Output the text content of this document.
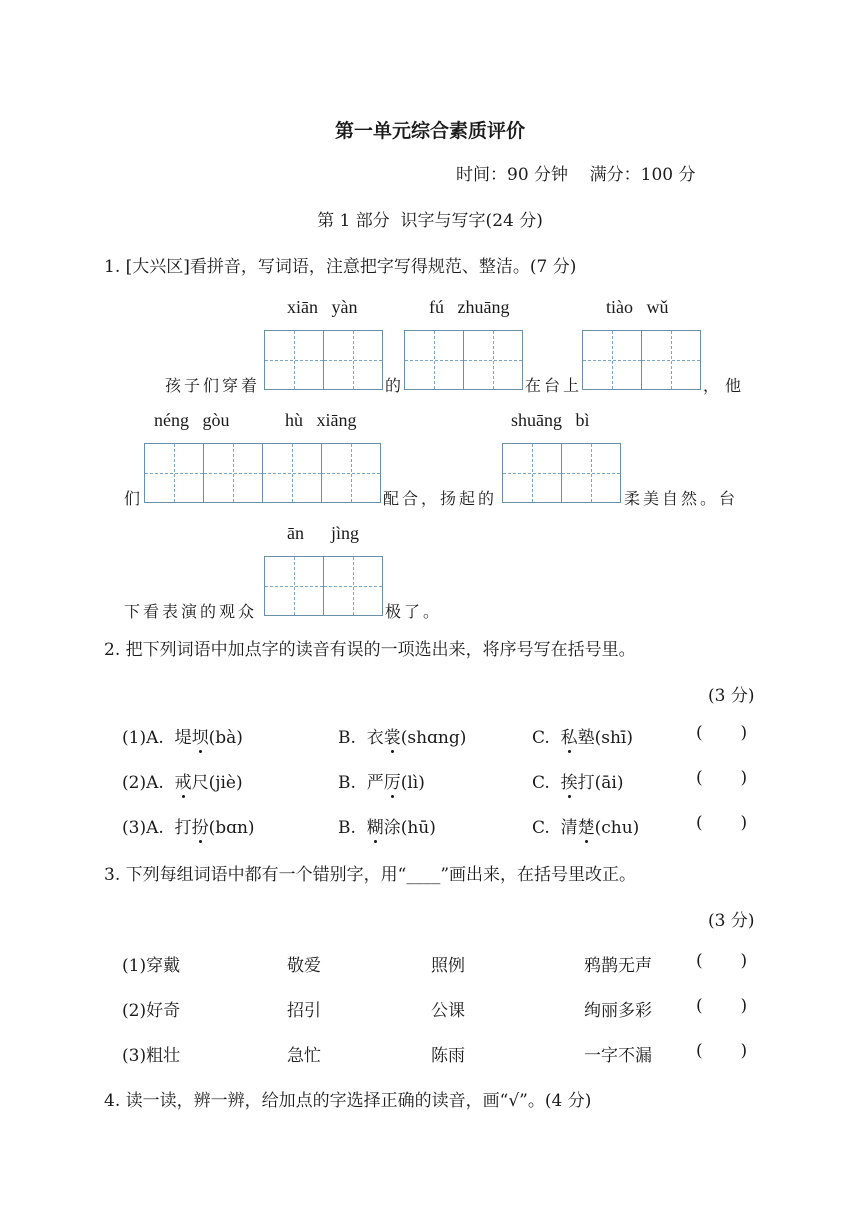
第一单元综合素质评价
时间：90 分钟    满分：100 分
第 1 部分  识字与写字(24 分)
1. [大兴区]看拼音，写词语，注意把字写得规范、整洁。(7 分)
xiān   yàn	fú   zhuāng	tiào   wǔ
孩子们穿着	的	在台上	，他
néng   gòu	hù   xiāng	shuāng   bì
们	配合，扬起的	柔美自然。台
ān      jìng
下看表演的观众	极了。
2. 把下列词语中加点字的读音有误的一项选出来，将序号写在括号里。
(3 分)
(1)A.  堤坝(bà)	B.  衣裳(shɑng)	C.  私塾(shī)	(       )
(2)A.  戒尺(jiè)	B.  严厉(lì)	C.  挨打(āi)	(       )
(3)A.  打扮(bɑn)	B.  糊涂(hū)	C.  清楚(chu)	(       )
3. 下列每组词语中都有一个错别字，用“____”画出来，在括号里改正。
(3 分)
(1)穿戴	敬爱	照例	鸦鹊无声	(       )
(2)好奇	招引	公课	绚丽多彩	(       )
(3)粗壮	急忙	陈雨	一字不漏	(       )
4. 读一读，辨一辨，给加点的字选择正确的读音，画“√”。(4 分)
